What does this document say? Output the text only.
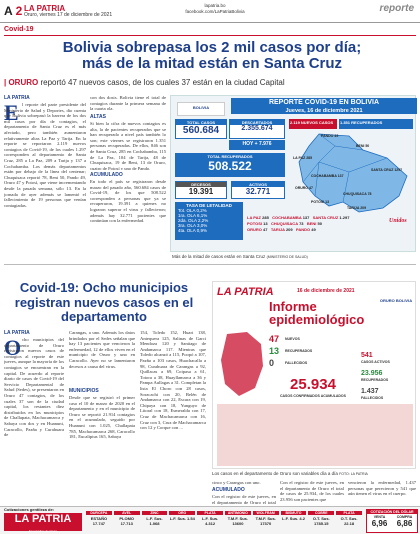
A 2 LA PATRIA
Oruro, viernes 17 de diciembre de 2021
lapatria.bo
facebook.com/LaPatriaBolivia	reporte
Covid-19
Bolivia sobrepasa los 2 mil casos por día; más de la mitad están en Santa Cruz
| ORURO reportó 47 nuevos casos, de los cuales 37 están en la ciudad Capital
LA PATRIA
E l reporte del parte presidente del Ministerio de Salud y Deportes, dio cuenta que Bolivia sobrepasó la barrera de los dos mil casos por día de contagios, el departamento de Santa Cruz es el más afectado, pero también aumentaron relativamente altas La Paz y Tarija. En la reporte se reportaron 2.119 nuevos contagios de Covid-19, de los cuales 1.297 corresponden al departamento de Santa Cruz, 285 a La Paz, 209 a Tarija y 137 a Cochabamba. Los demás departamentos están por debajo de la línea del centenar; Chuquisaca reportó 78, Beni 50, Pando 49, Oruro 47 y Potosí, que viene incrementando desde la pasada semana, sólo 13. En la jornada de ayer además se lamentó el fallecimiento de 19 personas que venían contagiadas.
con dos dosis. Bolivia tiene el total de contagios durante la primera semana de la cuarta ola.
ALTAS
Si bien la cifra de nuevos contagios es alta, la de pacientes recuperados que se han recuperado a nivel país también lo son; este viernes se registraron 1.351 personas recuperadas. De ellos, 846 son de Santa Cruz, 285 en Cochabamba, 115 de La Paz, 104 de Tarija, 48 de Chuquisaca, 19 de Beni, 13 de Oruro, cuatro de Potosí y uno de Pando.
ACUMULADO
En todo el país se registraron desde marzo del pasado año, 560.684 casos de Covid-19, de los que 508.522 corresponden a personas que ya se recuperaron, 19.391 a quienes no lograron superar el virus y fallecieron; además hay 32.771 pacientes que continúan con la enfermedad.
BOLIVIA
REPORTE COVID-19 EN BOLIVIA
Jueves, 16 de diciembre 2021
TOTAL CASOS
560.684
DESCARTADOS
2.355.674
HOY + 7.976
TOTAL RECUPERADOS
508.522
DECESOS
19.391
ACTIVOS
32.771
TASA DE LETALIDAD
Tot. OLA 0,2%
1ra. OLA 6,1%
2da. OLA 2,2%
3ra. OLA 3,0%
4ta. OLA 0,9%
2.119 NUEVOS CASOS	1.351 RECUPERADOS
PANDO 49
BENI 50
LA PAZ 285
COCHABAMBA 137
ORURO 47
POTOSI 13
CHUQUISACA 78
TARIJA 209
SANTA CRUZ 1297
LA PAZ 285 COCHABAMBA 137 SANTA CRUZ 1.297
POTOSI 13 CHUQUISACA 73 BENI 50
ORURO 47 TARIJA 209 PANDO 49
Unidos
Más de la mitad de casos están en Santa Cruz (MINISTERIO DE SALUD)
Covid-19: Ocho municipios registran nuevos casos en el departamento
LA PATRIA
O cho municipios del departamento de Oruro registraron nuevos casos de contagios al reporte de este jueves, aunque la mayoría de los contagios se encuentran en la capital. De acuerdo al reporte diario de casos de Covid-19 del Servicio Departamental de Salud (Sedes), se presentaron en Oruro 47 contagios, de los cuales 37 son de la ciudad capital, los restantes diez distribuidos en los municipios de Challapata, Machacamarca y Sabaya con dos y en Huanuni, Caracollo, Pazña y Curahuara de
Carangas, a uno. Además los datos brindados por el Sedes señalan que hay 13 pacientes que vencieron la enfermedad, 12 de ellos viven en el municipio de Oruro y uno en Caracollo. Ayer no se lamentaron decesos a causa del virus.
MUNICIPIOS
Desde que se registró el primer caso el 10 de marzo de 2020 en el departamento y en el municipio de Oruro se reportó 21.914 contagios en el acumulado, seguido por Huanuni con 1.025, Challapata 785, Machacamarca 268, Caracollo 181, Eucaliptus 165, Sabaya
154, Toledo 152, Huari 138, Antequera 125, Salinas de Garci Mendoza 120 y Santiago de Andamarca 117. Mientras que Toledo alcanzó a 115, Poopó a 107, Pazña a 103 casos, Huachacalla a 98, Curahuara de Carangas a 92, Quillacas a 69, Coipasa a 61, Totora a 38, Huayllamarca a 36 y Pampa Aullagas a 31. Completan la lista El Choro con 28 casos, Soracachi con 20, Belén de Andamarca con 22, Escara con 19, Chipaya con 18, Yunguyo de Litoral con 18, Esmeralda con 17, Cruz de Machacamarca con 16, Cruz con 3, Cruz de Machacamarca con 12 y Corque con ...
LA PATRIA	16 de diciembre de 2021
ORURO BOLIVIA
Informe epidemiológico
47 NUEVOS
13 RECUPERADOS
0	FALLECIDOS
25.934
CASOS CONFIRMADOS ACUMULADOS
541
CASOS ACTIVOS
23.956
RECUPERADOS
1.437
FALLECIDOS
Los casos en el departamento de Oruro son variables día a día FOTO: LA PATRIA
cinco y Carangas con uno.
ACUMULADO
Con el registro de este jueves, en el departamento de Oruro el total
Con el registro de este jueves, en el departamento de Oruro el total de casos de 25.934, de los cuales 23.956 son pacientes que
vencieron la enfermedad, 1.437 personas que perecieron y 541 que aún tienen el virus en el cuerpo.
Cotizaciones gentileza de:
LA PATRIA
El periódico de Oruro
DURCEPA
ESTAÑO 17.747
AVEL
PLOMO 17.713
ZINC
L.F. Sus. 1.068
ORO
L.F. Sus. 1.54
PLATA
L.F. Sus. 4.312
ANTIMONIO
T.M.F. Sus. 13600
WOLFRAM
T.M.F. Sus. 17370
BISMUTO
L.F. Sus. 4.2
COBRE
O.T. Sus. 1785.15
PLATA
O.T. Sus. 22.18
COTIZACIÓN DEL DÓLAR
VENTA
6,96
COMPRA
6,86
